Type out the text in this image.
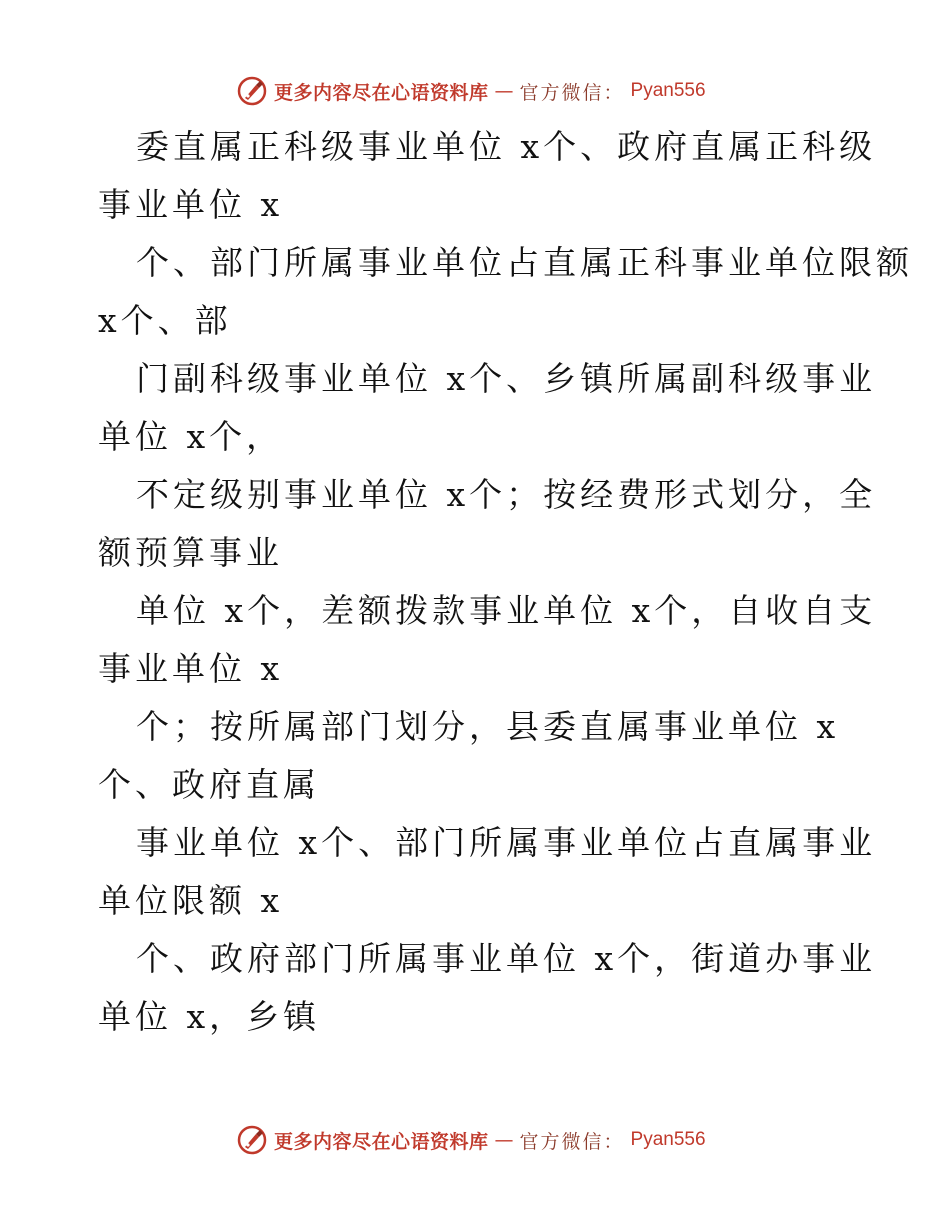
更多内容尽在心语资料库 — 官方微信： Pyan556
委直属正科级事业单位 x个、政府直属正科级
事业单位 x
个、部门所属事业单位占直属正科事业单位限额
x个、部
门副科级事业单位 x个、乡镇所属副科级事业
单位 x个，
不定级别事业单位 x个；按经费形式划分，全
额预算事业
单位 x个，差额拨款事业单位 x个，自收自支
事业单位 x
个；按所属部门划分，县委直属事业单位 x
个、政府直属
事业单位 x个、部门所属事业单位占直属事业
单位限额 x
个、政府部门所属事业单位 x个，街道办事业
单位 x，乡镇
更多内容尽在心语资料库 — 官方微信： Pyan556
